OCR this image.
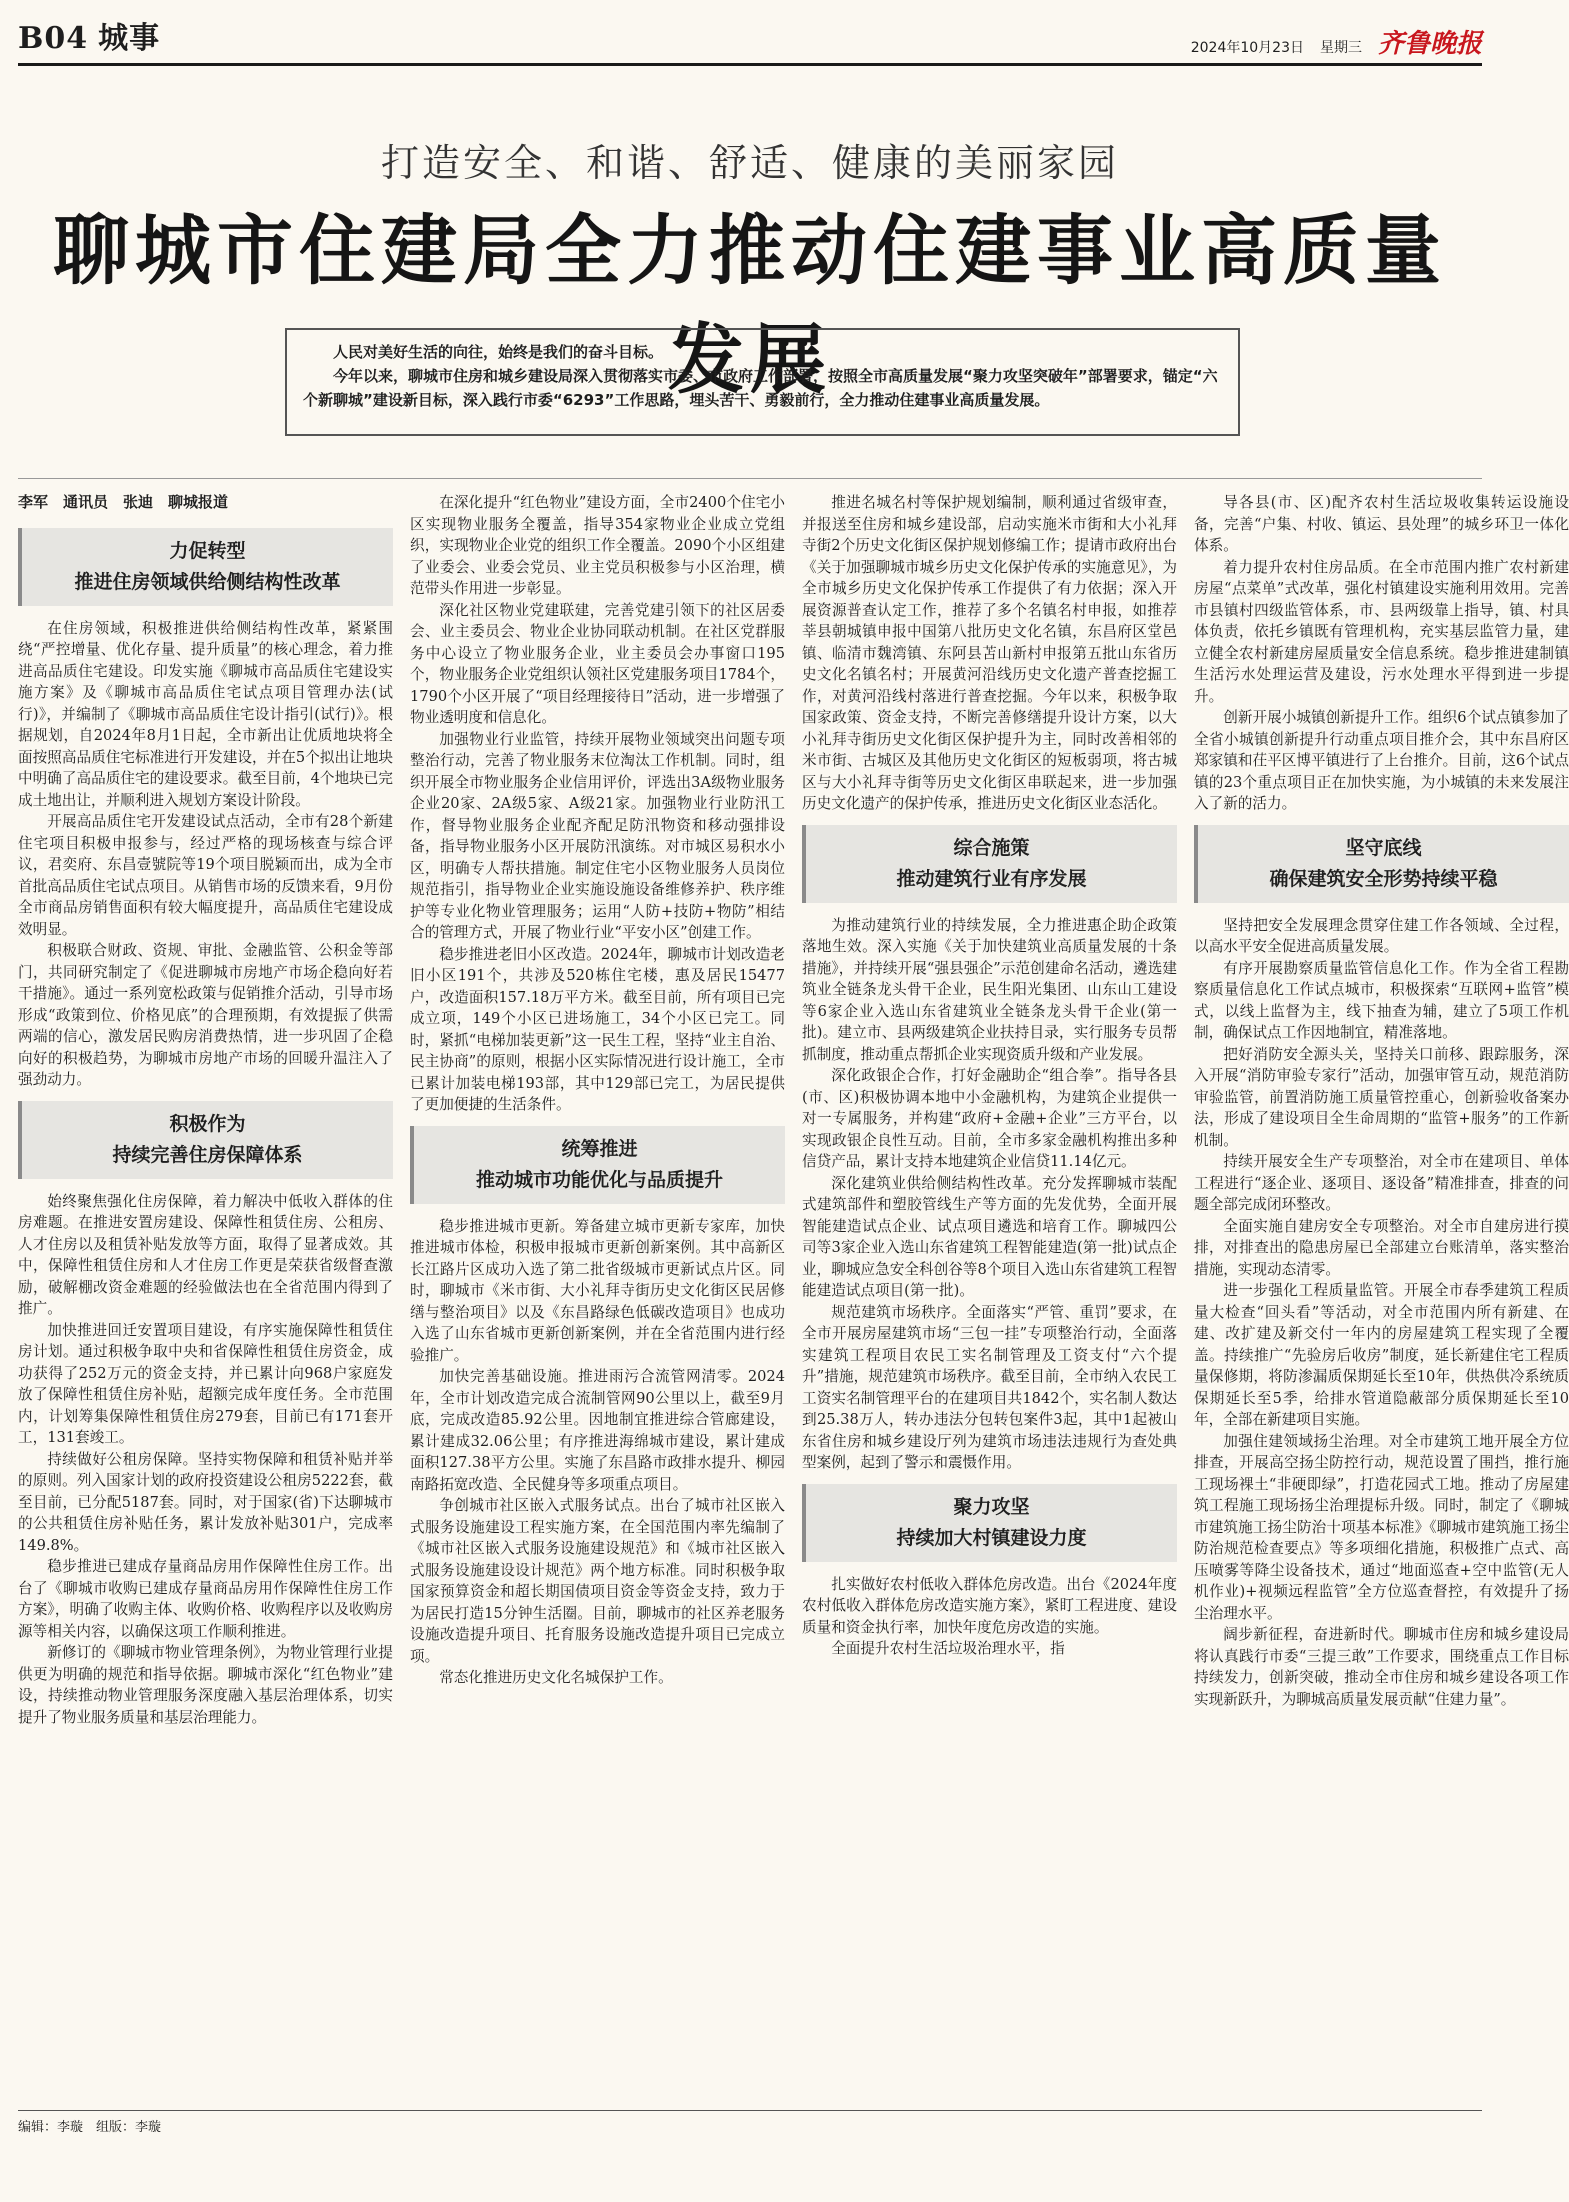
B04 城事	2024年10月23日 星期三 齐鲁晚报
打造安全、和谐、舒适、健康的美丽家园
聊城市住建局全力推动住建事业高质量发展

人民对美好生活的向往，始终是我们的奋斗目标。

今年以来，聊城市住房和城乡建设局深入贯彻落实市委、市政府工作部署，按照全市高质量发展“聚力攻坚突破年”部署要求，锚定“六个新聊城”建设新目标，深入践行市委“6293”工作思路，埋头苦干、勇毅前行，全力推动住建事业高质量发展。

李军　通讯员　张迪　聊城报道
力促转型
推进住房领域供给侧结构性改革

在住房领域，积极推进供给侧结构性改革，紧紧围绕“严控增量、优化存量、提升质量”的核心理念，着力推进高品质住宅建设。印发实施《聊城市高品质住宅建设实施方案》及《聊城市高品质住宅试点项目管理办法(试行)》，并编制了《聊城市高品质住宅设计指引(试行)》。根据规划，自2024年8月1日起，全市新出让优质地块将全面按照高品质住宅标准进行开发建设，并在5个拟出让地块中明确了高品质住宅的建设要求。截至目前，4个地块已完成土地出让，并顺利进入规划方案设计阶段。

开展高品质住宅开发建设试点活动，全市有28个新建住宅项目积极申报参与，经过严格的现场核查与综合评议，君奕府、东昌壹號院等19个项目脱颖而出，成为全市首批高品质住宅试点项目。从销售市场的反馈来看，9月份全市商品房销售面积有较大幅度提升，高品质住宅建设成效明显。

积极联合财政、资规、审批、金融监管、公积金等部门，共同研究制定了《促进聊城市房地产市场企稳向好若干措施》。通过一系列宽松政策与促销推介活动，引导市场形成“政策到位、价格见底”的合理预期，有效提振了供需两端的信心，激发居民购房消费热情，进一步巩固了企稳向好的积极趋势，为聊城市房地产市场的回暖升温注入了强劲动力。

积极作为
持续完善住房保障体系

始终聚焦强化住房保障，着力解决中低收入群体的住房难题。在推进安置房建设、保障性租赁住房、公租房、人才住房以及租赁补贴发放等方面，取得了显著成效。其中，保障性租赁住房和人才住房工作更是荣获省级督查激励，破解棚改资金难题的经验做法也在全省范围内得到了推广。

加快推进回迁安置项目建设，有序实施保障性租赁住房计划。通过积极争取中央和省保障性租赁住房资金，成功获得了252万元的资金支持，并已累计向968户家庭发放了保障性租赁住房补贴，超额完成年度任务。全市范围内，计划筹集保障性租赁住房279套，目前已有171套开工，131套竣工。

持续做好公租房保障。坚持实物保障和租赁补贴并举的原则。列入国家计划的政府投资建设公租房5222套，截至目前，已分配5187套。同时，对于国家(省)下达聊城市的公共租赁住房补贴任务，累计发放补贴301户，完成率149.8%。

稳步推进已建成存量商品房用作保障性住房工作。出台了《聊城市收购已建成存量商品房用作保障性住房工作方案》，明确了收购主体、收购价格、收购程序以及收购房源等相关内容，以确保这项工作顺利推进。

新修订的《聊城市物业管理条例》，为物业管理行业提供更为明确的规范和指导依据。聊城市深化“红色物业”建设，持续推动物业管理服务深度融入基层治理体系，切实提升了物业服务质量和基层治理能力。

在深化提升“红色物业”建设方面，全市2400个住宅小区实现物业服务全覆盖，指导354家物业企业成立党组织，实现物业企业党的组织工作全覆盖。2090个小区组建了业委会、业委会党员、业主党员积极参与小区治理，横范带头作用进一步彰显。

深化社区物业党建联建，完善党建引领下的社区居委会、业主委员会、物业企业协同联动机制。在社区党群服务中心设立了物业服务企业，业主委员会办事窗口195个，物业服务企业党组织认领社区党建服务项目1784个，1790个小区开展了“项目经理接待日”活动，进一步增强了物业透明度和信息化。

加强物业行业监管，持续开展物业领域突出问题专项整治行动，完善了物业服务末位淘汰工作机制。同时，组织开展全市物业服务企业信用评价，评选出3A级物业服务企业20家、2A级5家、A级21家。加强物业行业防汛工作，督导物业服务企业配齐配足防汛物资和移动强排设备，指导物业服务小区开展防汛演练。对市城区易积水小区，明确专人帮扶措施。制定住宅小区物业服务人员岗位规范指引，指导物业企业实施设施设备维修养护、秩序维护等专业化物业管理服务；运用“人防+技防+物防”相结合的管理方式，开展了物业行业“平安小区”创建工作。

稳步推进老旧小区改造。2024年，聊城市计划改造老旧小区191个，共涉及520栋住宅楼，惠及居民15477户，改造面积157.18万平方米。截至目前，所有项目已完成立项，149个小区已进场施工，34个小区已完工。同时，紧抓“电梯加装更新”这一民生工程，坚持“业主自治、民主协商”的原则，根据小区实际情况进行设计施工，全市已累计加装电梯193部，其中129部已完工，为居民提供了更加便捷的生活条件。

统筹推进
推动城市功能优化与品质提升

稳步推进城市更新。筹备建立城市更新专家库，加快推进城市体检，积极申报城市更新创新案例。其中高新区长江路片区成功入选了第二批省级城市更新试点片区。同时，聊城市《米市街、大小礼拜寺街历史文化街区民居修缮与整治项目》以及《东昌路绿色低碳改造项目》也成功入选了山东省城市更新创新案例，并在全省范围内进行经验推广。

加快完善基础设施。推进雨污合流管网清零。2024年，全市计划改造完成合流制管网90公里以上，截至9月底，完成改造85.92公里。因地制宜推进综合管廊建设，累计建成32.06公里；有序推进海绵城市建设，累计建成面积127.38平方公里。实施了东昌路市政排水提升、柳园南路拓宽改造、全民健身等多项重点项目。

争创城市社区嵌入式服务试点。出台了城市社区嵌入式服务设施建设工程实施方案，在全国范围内率先编制了《城市社区嵌入式服务设施建设规范》和《城市社区嵌入式服务设施建设设计规范》两个地方标准。同时积极争取国家预算资金和超长期国债项目资金等资金支持，致力于为居民打造15分钟生活圈。目前，聊城市的社区养老服务设施改造提升项目、托育服务设施改造提升项目已完成立项。

常态化推进历史文化名城保护工作。

推进名城名村等保护规划编制，顺利通过省级审查，并报送至住房和城乡建设部，启动实施米市街和大小礼拜寺街2个历史文化街区保护规划修编工作；提请市政府出台《关于加强聊城市城乡历史文化保护传承的实施意见》，为全市城乡历史文化保护传承工作提供了有力依据；深入开展资源普查认定工作，推荐了多个名镇名村申报，如推荐莘县朝城镇申报中国第八批历史文化名镇，东昌府区堂邑镇、临清市魏湾镇、东阿县苫山新村申报第五批山东省历史文化名镇名村；开展黄河沿线历史文化遗产普查挖掘工作，对黄河沿线村落进行普查挖掘。今年以来，积极争取国家政策、资金支持，不断完善修缮提升设计方案，以大小礼拜寺街历史文化街区保护提升为主，同时改善相邻的米市街、古城区及其他历史文化街区的短板弱项，将古城区与大小礼拜寺街等历史文化街区串联起来，进一步加强历史文化遗产的保护传承，推进历史文化街区业态活化。

综合施策
推动建筑行业有序发展

为推动建筑行业的持续发展，全力推进惠企助企政策落地生效。深入实施《关于加快建筑业高质量发展的十条措施》，并持续开展“强县强企”示范创建命名活动，遴选建筑业全链条龙头骨干企业，民生阳光集团、山东山工建设等6家企业入选山东省建筑业全链条龙头骨干企业(第一批)。建立市、县两级建筑企业扶持目录，实行服务专员帮抓制度，推动重点帮抓企业实现资质升级和产业发展。

深化政银企合作，打好金融助企“组合拳”。指导各县(市、区)积极协调本地中小金融机构，为建筑企业提供一对一专属服务，并构建“政府+金融+企业”三方平台，以实现政银企良性互动。目前，全市多家金融机构推出多种信贷产品，累计支持本地建筑企业信贷11.14亿元。

深化建筑业供给侧结构性改革。充分发挥聊城市装配式建筑部件和塑胶管线生产等方面的先发优势，全面开展智能建造试点企业、试点项目遴选和培育工作。聊城四公司等3家企业入选山东省建筑工程智能建造(第一批)试点企业，聊城应急安全科创谷等8个项目入选山东省建筑工程智能建造试点项目(第一批)。

规范建筑市场秩序。全面落实“严管、重罚”要求，在全市开展房屋建筑市场“三包一挂”专项整治行动，全面落实建筑工程项目农民工实名制管理及工资支付“六个提升”措施，规范建筑市场秩序。截至目前，全市纳入农民工工资实名制管理平台的在建项目共1842个，实名制人数达到25.38万人，转办违法分包转包案件3起，其中1起被山东省住房和城乡建设厅列为建筑市场违法违规行为查处典型案例，起到了警示和震慑作用。

聚力攻坚
持续加大村镇建设力度

扎实做好农村低收入群体危房改造。出台《2024年度农村低收入群体危房改造实施方案》，紧盯工程进度、建设质量和资金执行率，加快年度危房改造的实施。

全面提升农村生活垃圾治理水平，指

导各县(市、区)配齐农村生活垃圾收集转运设施设备，完善“户集、村收、镇运、县处理”的城乡环卫一体化体系。

着力提升农村住房品质。在全市范围内推广农村新建房屋“点菜单”式改革，强化村镇建设实施利用效用。完善市县镇村四级监管体系，市、县两级靠上指导，镇、村具体负责，依托乡镇既有管理机构，充实基层监管力量，建立健全农村新建房屋质量安全信息系统。稳步推进建制镇生活污水处理运营及建设，污水处理水平得到进一步提升。

创新开展小城镇创新提升工作。组织6个试点镇参加了全省小城镇创新提升行动重点项目推介会，其中东昌府区郑家镇和茌平区博平镇进行了上台推介。目前，这6个试点镇的23个重点项目正在加快实施，为小城镇的未来发展注入了新的活力。

坚守底线
确保建筑安全形势持续平稳

坚持把安全发展理念贯穿住建工作各领域、全过程，以高水平安全促进高质量发展。

有序开展勘察质量监管信息化工作。作为全省工程勘察质量信息化工作试点城市，积极探索“互联网+监管”模式，以线上监督为主，线下抽查为辅，建立了5项工作机制，确保试点工作因地制宜，精准落地。

把好消防安全源头关，坚持关口前移、跟踪服务，深入开展“消防审验专家行”活动，加强审管互动，规范消防审验监管，前置消防施工质量管控重心，创新验收备案办法，形成了建设项目全生命周期的“监管+服务”的工作新机制。

持续开展安全生产专项整治，对全市在建项目、单体工程进行“逐企业、逐项目、逐设备”精准排查，排查的问题全部完成闭环整改。

全面实施自建房安全专项整治。对全市自建房进行摸排，对排查出的隐患房屋已全部建立台账清单，落实整治措施，实现动态清零。

进一步强化工程质量监管。开展全市春季建筑工程质量大检查“回头看”等活动，对全市范围内所有新建、在建、改扩建及新交付一年内的房屋建筑工程实现了全覆盖。持续推广“先验房后收房”制度，延长新建住宅工程质量保修期，将防渗漏质保期延长至10年，供热供冷系统质保期延长至5季，给排水管道隐蔽部分质保期延长至10年，全部在新建项目实施。

加强住建领域扬尘治理。对全市建筑工地开展全方位排查，开展高空扬尘防控行动，规范设置了围挡，推行施工现场裸土“非硬即绿”，打造花园式工地。推动了房屋建筑工程施工现场扬尘治理提标升级。同时，制定了《聊城市建筑施工扬尘防治十项基本标准》《聊城市建筑施工扬尘防治规范检查要点》等多项细化措施，积极推广点式、高压喷雾等降尘设备技术，通过“地面巡查+空中监管(无人机作业)+视频远程监管”全方位巡查督控，有效提升了扬尘治理水平。

阔步新征程，奋进新时代。聊城市住房和城乡建设局将认真践行市委“三提三敢”工作要求，围绕重点工作目标持续发力，创新突破，推动全市住房和城乡建设各项工作实现新跃升，为聊城高质量发展贡献“住建力量”。

编辑：李璇　组版：李璇
